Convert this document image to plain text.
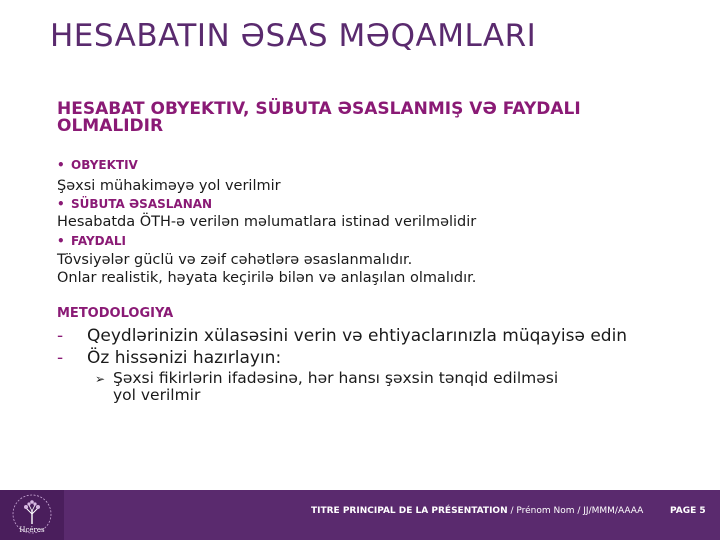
HESABATIN ƏSAS MƏQAMLARI
HESABAT OBYEKTIV, SÜBUTA ƏSASLANMIŞ VƏ FAYDALI OLMALIDIR
• OBYEKTIV
Şəxsi mühakiməyə yol verilmir
• SÜBUTA ƏSASLANAN
Hesabatda ÖTH-ə verilən məlumatlara istinad verilməlidir
• FAYDALI
Tövsiyələr güclü və zəif cəhətlərə əsaslanmalıdır.
Onlar realistik, həyata keçirilə bilən və anlaşılan olmalıdır.
METODOLOGIYA
- Qeydlərinizin xülasəsini verin və ehtiyaclarınızla müqayisə edin
- Öz hissənizi hazırlayın:
➢ Şəxsi fikirlərin ifadəsinə, hər hansı şəxsin tənqid edilməsi
yol verilmir
Hcéres
TITRE PRINCIPAL DE LA PRÉSENTATION / Prénom Nom / JJ/MMM/AAAA	PAGE 5
